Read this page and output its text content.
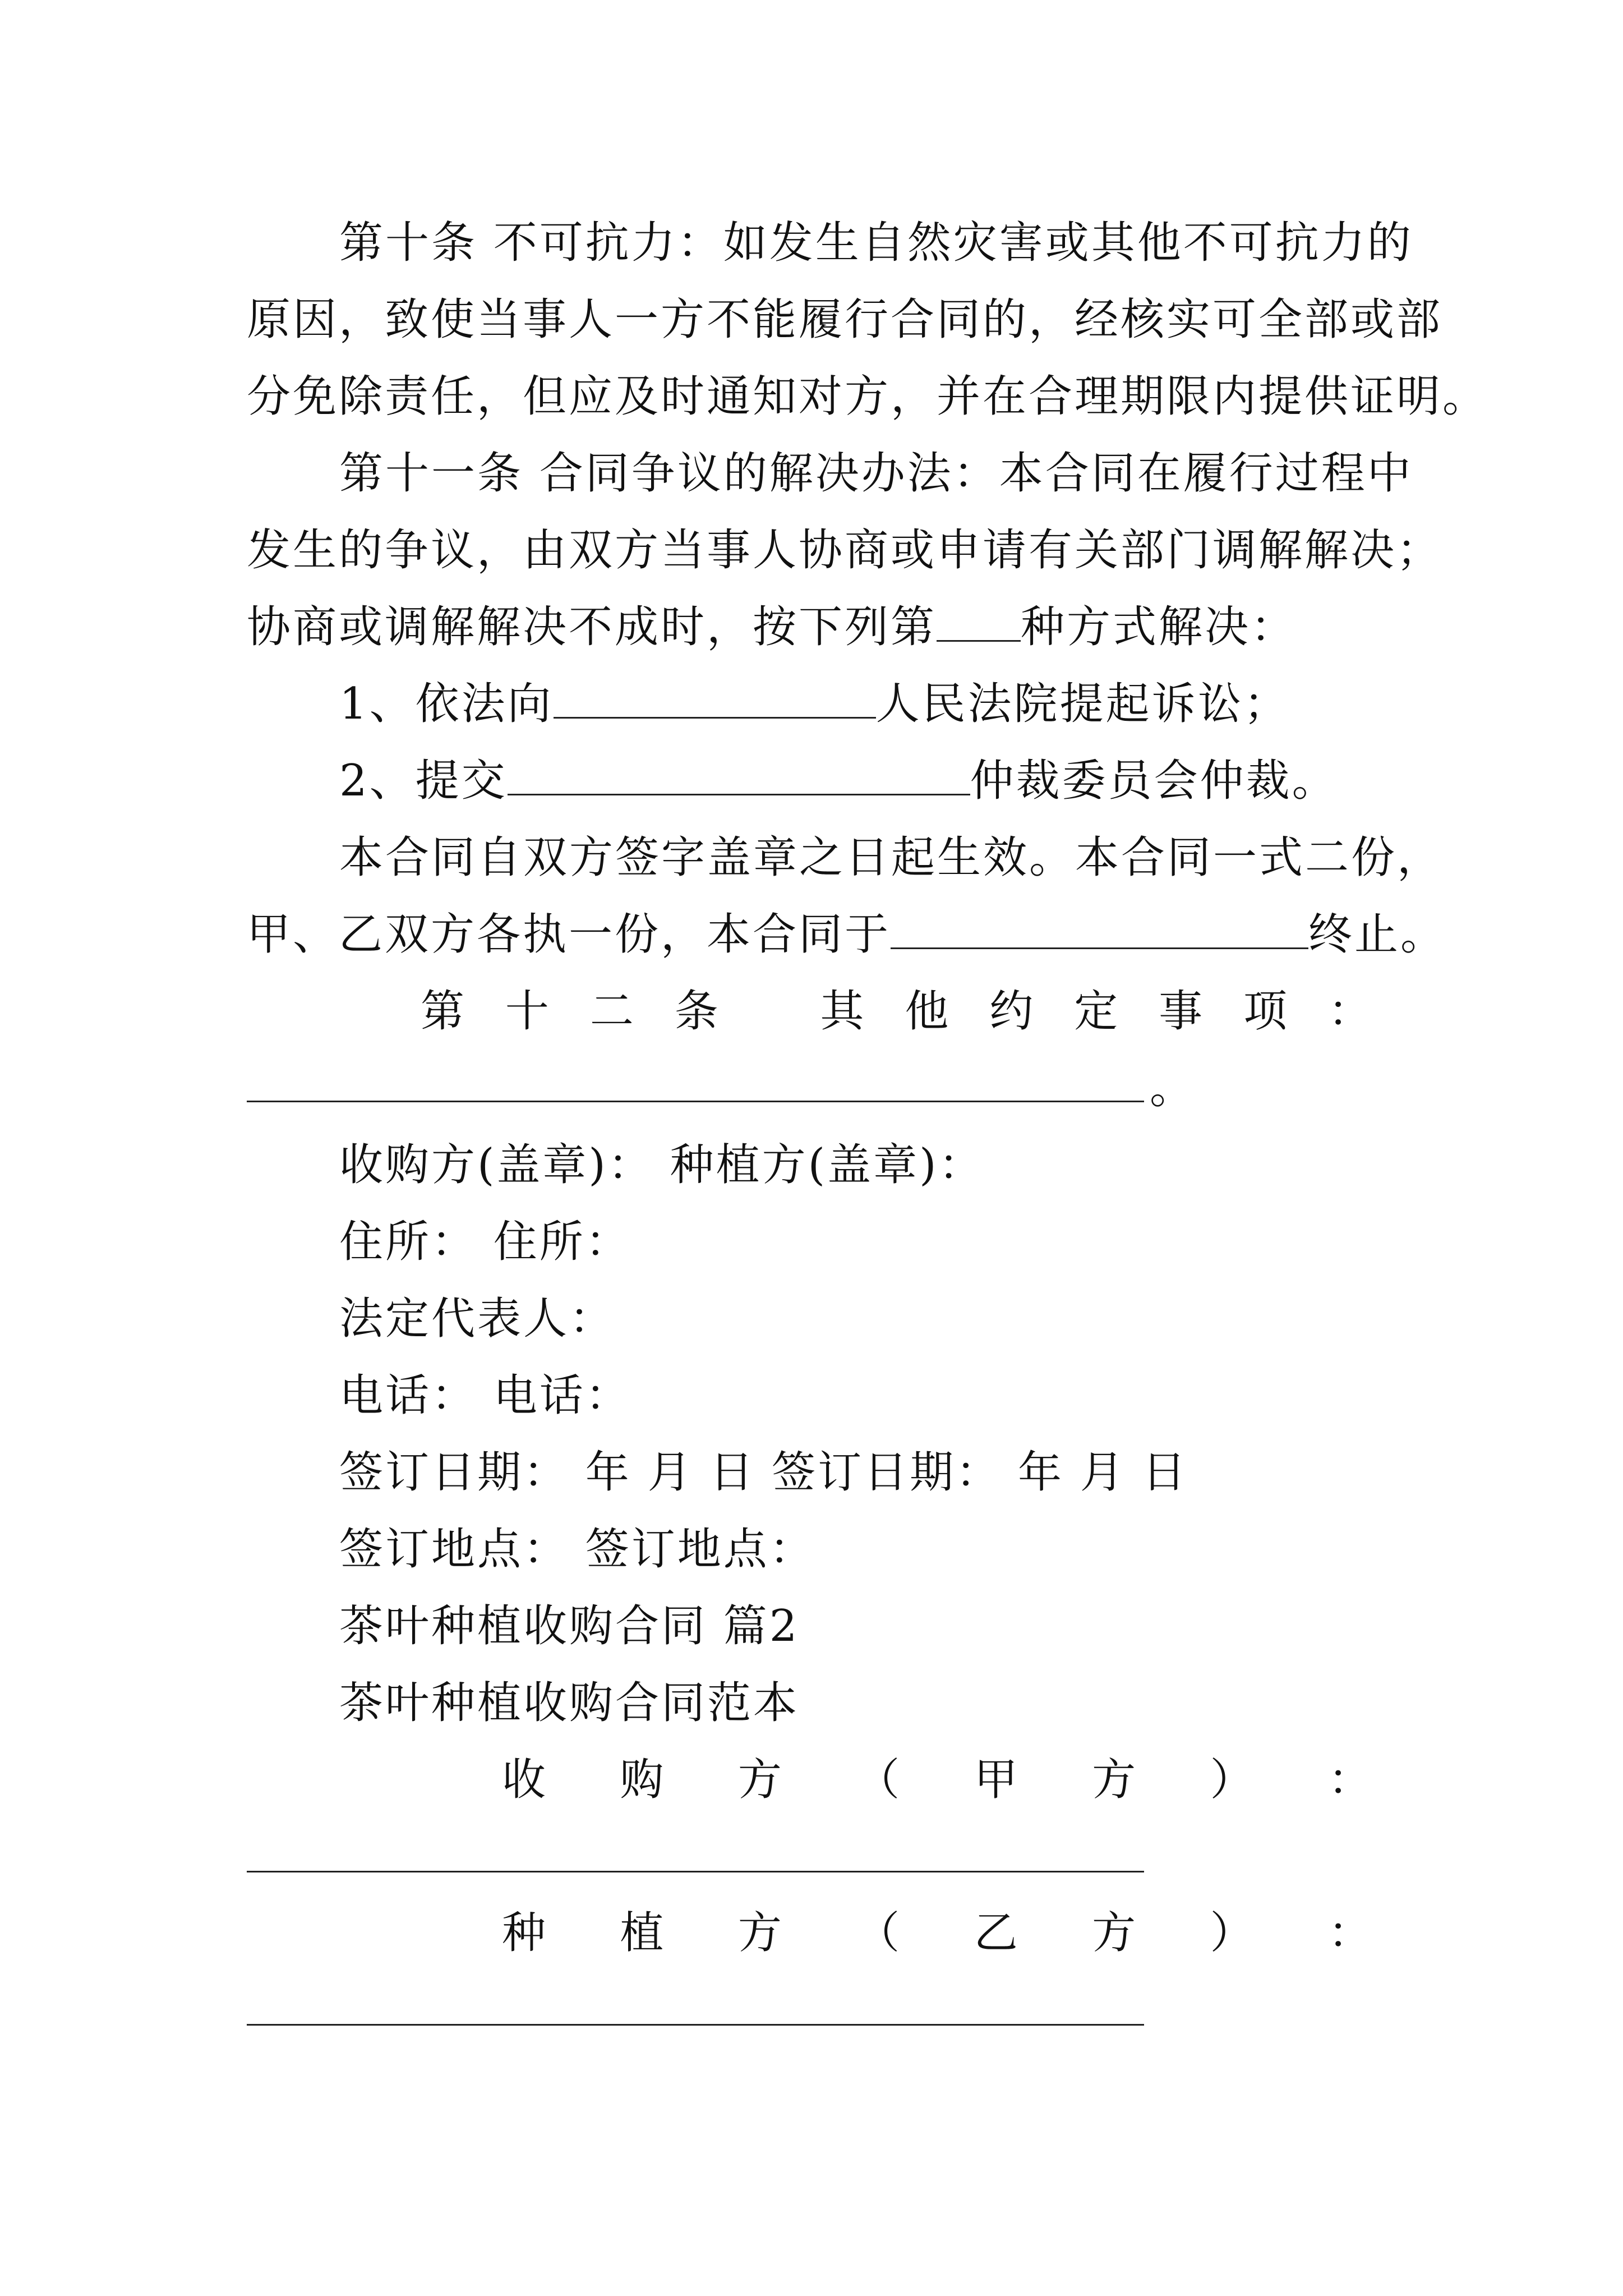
第十条 不可抗力：如发生自然灾害或其他不可抗力的
原因，致使当事人一方不能履行合同的，经核实可全部或部
分免除责任，但应及时通知对方，并在合理期限内提供证明。
第十一条 合同争议的解决办法：本合同在履行过程中
发生的争议，由双方当事人协商或申请有关部门调解解决；
协商或调解解决不成时，按下列第 种方式解决：
1、依法向	人民法院提起诉讼；
2、提交	仲裁委员会仲裁。
本合同自双方签字盖章之日起生效。本合同一式二份，
甲、乙双方各执一份，本合同于	终止。
第 十 二 条 其 他 约 定 事 项 ：
。
收购方(盖章)： 种植方(盖章)：
住所： 住所：
法定代表人：
电话： 电话：
签订日期： 年 月 日 签订日期： 年 月 日
签订地点： 签订地点：
茶叶种植收购合同 篇2
茶叶种植收购合同范本
收 购 方 （ 甲 方 ） ：
种 植 方 （ 乙 方 ） ：
